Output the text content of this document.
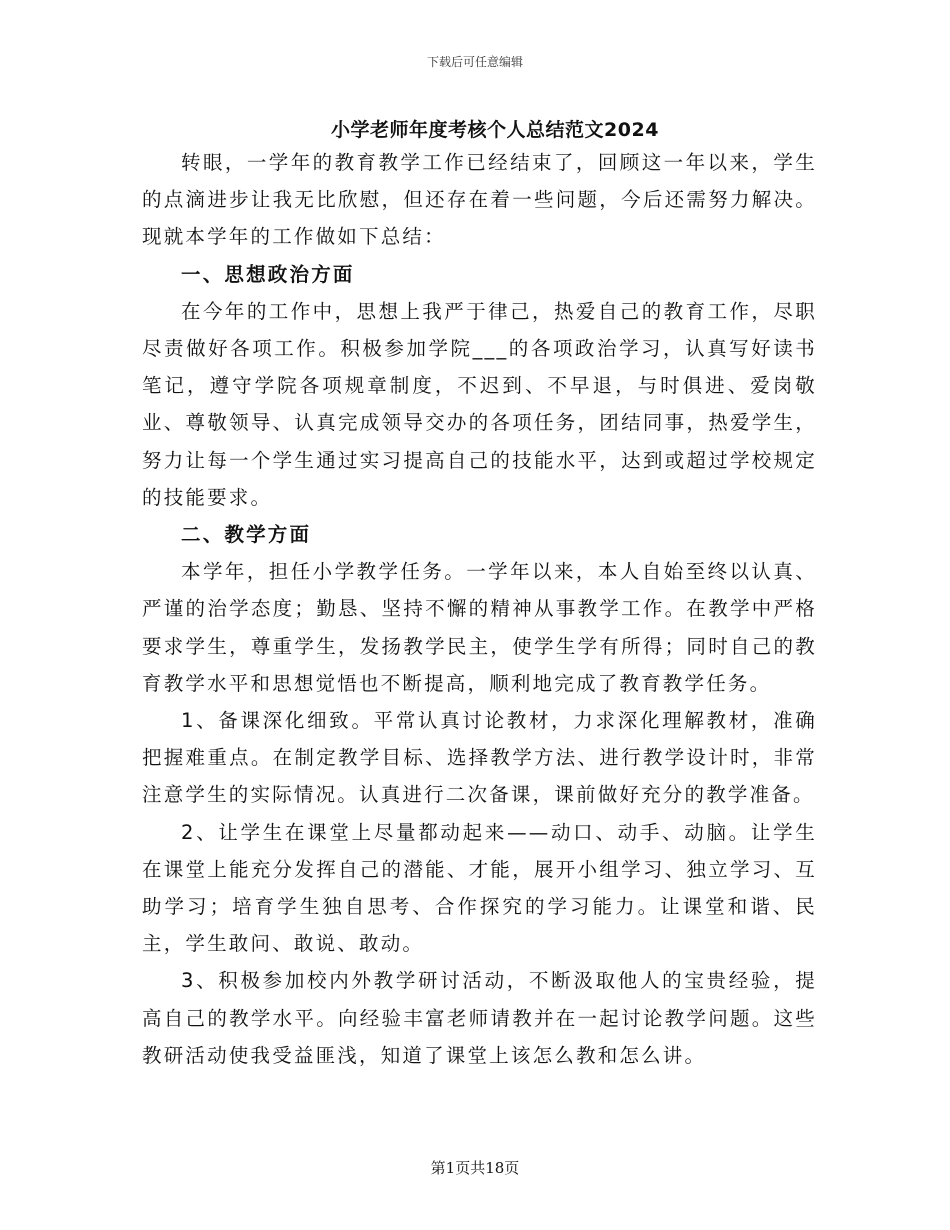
下载后可任意编辑
小学老师年度考核个人总结范文2024

转眼，一学年的教育教学工作已经结束了，回顾这一年以来，学生的点滴进步让我无比欣慰，但还存在着一些问题，今后还需努力解决。现就本学年的工作做如下总结：

一、思想政治方面

在今年的工作中，思想上我严于律己，热爱自己的教育工作，尽职尽责做好各项工作。积极参加学院___的各项政治学习，认真写好读书笔记，遵守学院各项规章制度，不迟到、不早退，与时俱进、爱岗敬业、尊敬领导、认真完成领导交办的各项任务，团结同事，热爱学生，努力让每一个学生通过实习提高自己的技能水平，达到或超过学校规定的技能要求。

二、教学方面

本学年，担任小学教学任务。一学年以来，本人自始至终以认真、严谨的治学态度；勤恳、坚持不懈的精神从事教学工作。在教学中严格要求学生，尊重学生，发扬教学民主，使学生学有所得；同时自己的教育教学水平和思想觉悟也不断提高，顺利地完成了教育教学任务。

1、备课深化细致。平常认真讨论教材，力求深化理解教材，准确把握难重点。在制定教学目标、选择教学方法、进行教学设计时，非常注意学生的实际情况。认真进行二次备课，课前做好充分的教学准备。

2、让学生在课堂上尽量都动起来——动口、动手、动脑。让学生在课堂上能充分发挥自己的潜能、才能，展开小组学习、独立学习、互助学习；培育学生独自思考、合作探究的学习能力。让课堂和谐、民主，学生敢问、敢说、敢动。

3、积极参加校内外教学研讨活动，不断汲取他人的宝贵经验，提高自己的教学水平。向经验丰富老师请教并在一起讨论教学问题。这些教研活动使我受益匪浅，知道了课堂上该怎么教和怎么讲。

第1页共18页
